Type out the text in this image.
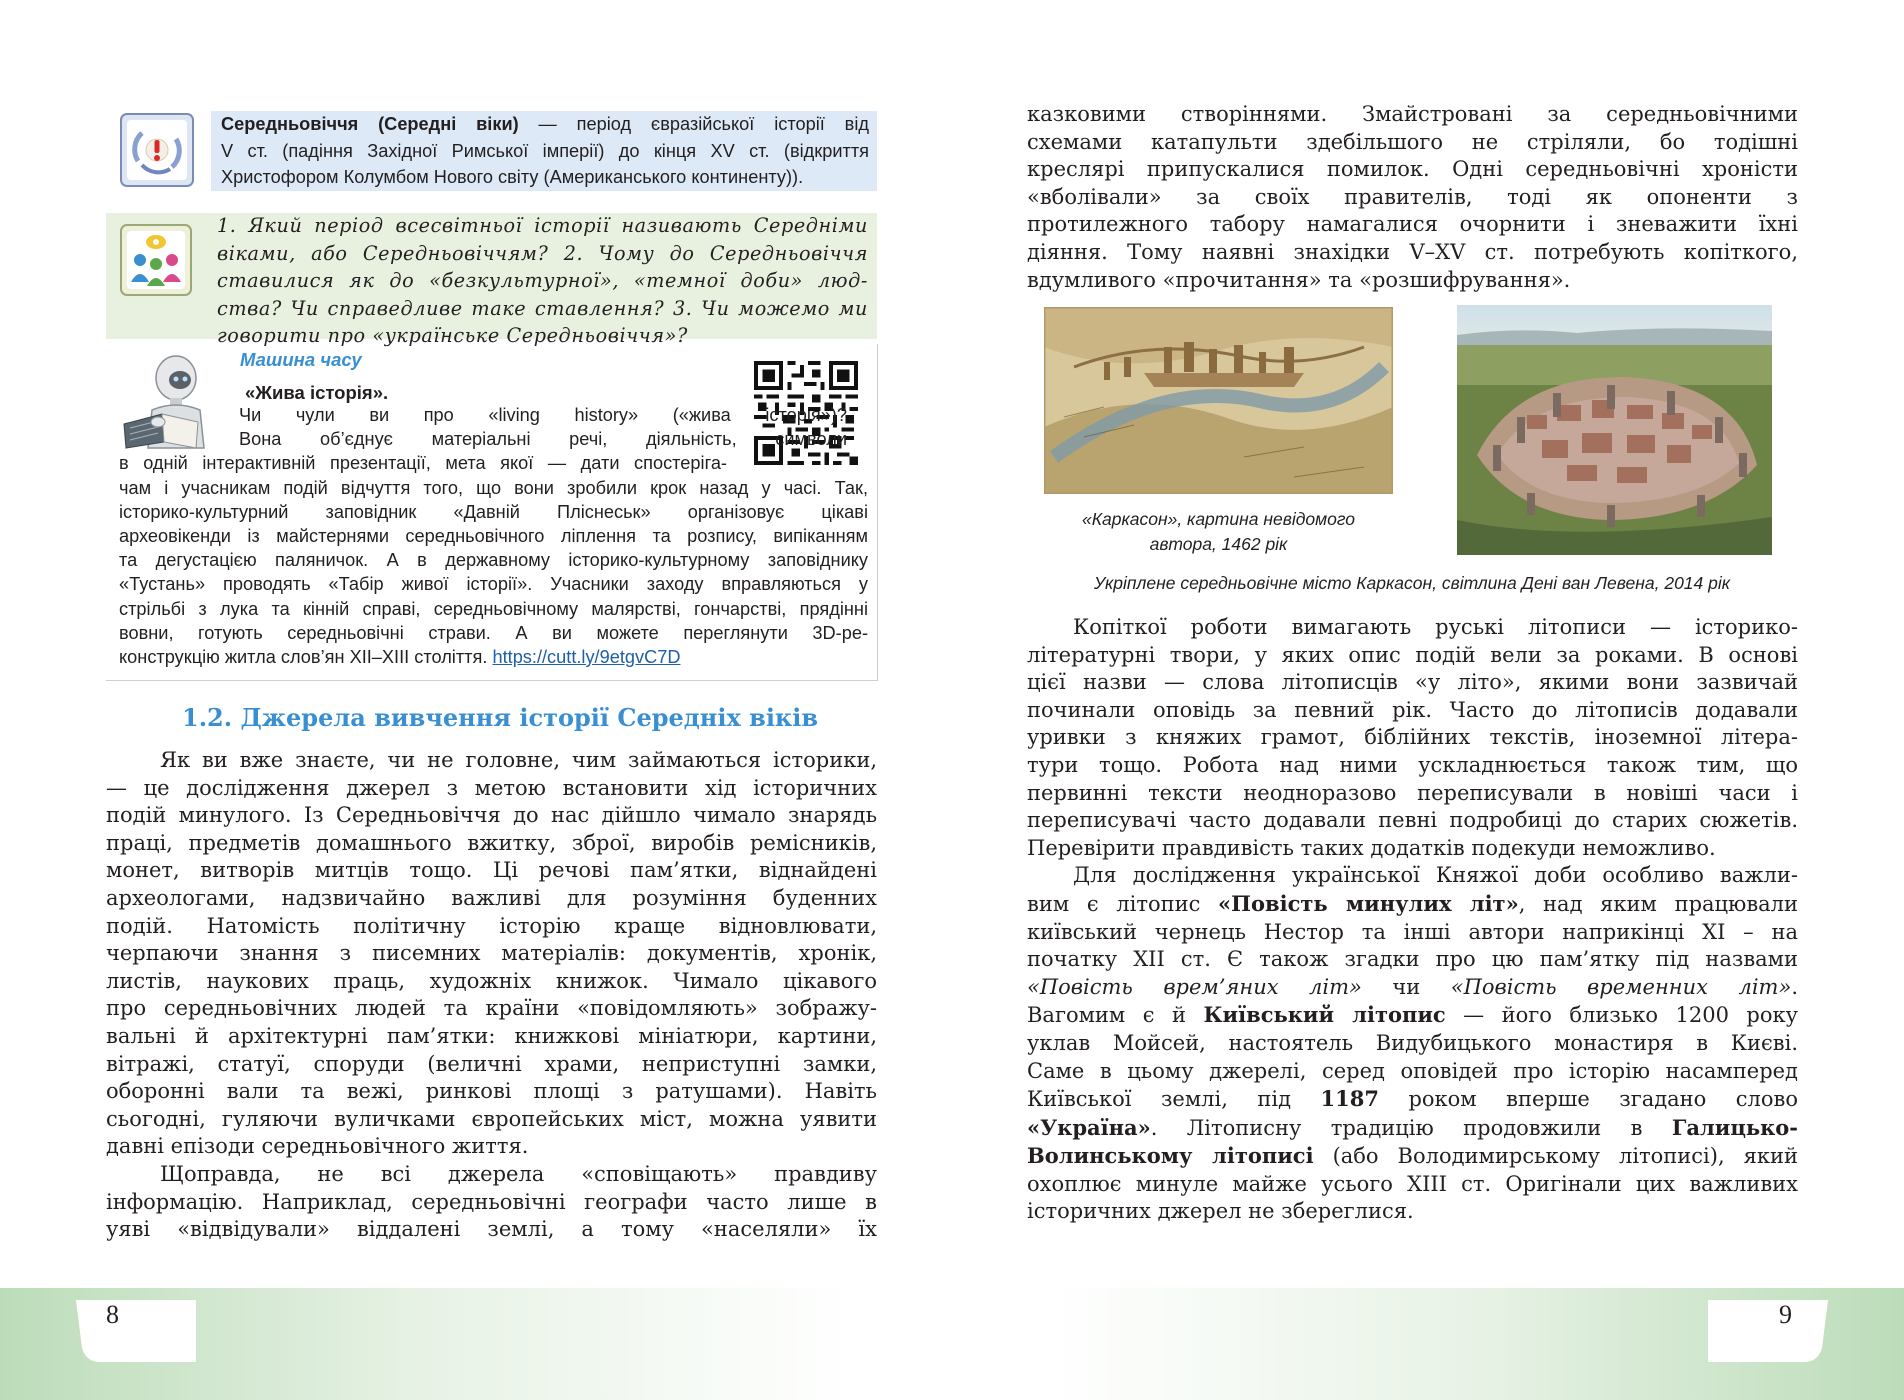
Середньовіччя (Середні віки) — період євразійської історії від
V ст. (падіння Західної Римської імперії) до кінця XV ст. (відкриття
Христофором Колумбом Нового світу (Американського континенту)).
1. Який період всесвітньої історії називають Середніми
віками, або Середньовіччям? 2. Чому до Середньовіччя
ставилися як до «безкультурної», «темної доби» люд-
ства? Чи справедливе таке ставлення? 3. Чи можемо ми
говорити про «українське Середньовіччя»?
Машина часу
«Жива історія».
Чи чули ви про «living history» («жива історія»)?
Вона об’єднує матеріальні речі, діяльність, символи
в одній інтерактивній презентації, мета якої — дати спостеріга-
чам і учасникам подій відчуття того, що вони зробили крок назад у часі. Так,
історико-культурний заповідник «Давній Пліснеськ» організовує цікаві
археовікенди із майстернями середньовічного ліплення та розпису, випіканням
та дегустацією паляничок. А в державному історико-культурному заповіднику
«Тустань» проводять «Табір живої історії». Учасники заходу вправляються у
стрільбі з лука та кінній справі, середньовічному малярстві, гончарстві, прядінні
вовни, готують середньовічні страви. А ви можете переглянути 3D-ре-
конструкцію житла слов’ян XII–XIII століття. https://cutt.ly/9etgvC7D
1.2. Джерела вивчення історії Середніх віків
Як ви вже знаєте, чи не головне, чим займаються історики,
— це дослідження джерел з метою встановити хід історичних
подій минулого. Із Середньовіччя до нас дійшло чимало знарядь
праці, предметів домашнього вжитку, зброї, виробів ремісників,
монет, витворів митців тощо. Ці речові пам’ятки, віднайдені
археологами, надзвичайно важливі для розуміння буденних
подій. Натомість політичну історію краще відновлювати,
черпаючи знання з писемних матеріалів: документів, хронік,
листів, наукових праць, художніх книжок. Чимало цікавого
про середньовічних людей та країни «повідомляють» зображу-
вальні й архітектурні пам’ятки: книжкові мініатюри, картини,
вітражі, статуї, споруди (величні храми, неприступні замки,
оборонні вали та вежі, ринкові площі з ратушами). Навіть
сьогодні, гуляючи вуличками європейських міст, можна уявити
давні епізоди середньовічного життя.
Щоправда, не всі джерела «сповіщають» правдиву
інформацію. Наприклад, середньовічні географи часто лише в
уяві «відвідували» віддалені землі, а тому «населяли» їх
казковими створіннями. Змайстровані за середньовічними
схемами катапульти здебільшого не стріляли, бо тодішні
креслярі припускалися помилок. Одні середньовічні хроністи
«вболівали» за своїх правителів, тоді як опоненти з
протилежного табору намагалися очорнити і зневажити їхні
діяння. Тому наявні знахідки V–XV ст. потребують копіткого,
вдумливого «прочитання» та «розшифрування».
«Каркасон», картина невідомого
автора, 1462 рік
Укріплене середньовічне місто Каркасон, світлина Дені ван Левена, 2014 рік
Копіткої роботи вимагають руські літописи — історико-
літературні твори, у яких опис подій вели за роками. В основі
цієї назви — слова літописців «у літо», якими вони зазвичай
починали оповідь за певний рік. Часто до літописів додавали
уривки з княжих грамот, біблійних текстів, іноземної літера-
тури тощо. Робота над ними ускладнюється також тим, що
первинні тексти неодноразово переписували в новіші часи і
переписувачі часто додавали певні подробиці до старих сюжетів.
Перевірити правдивість таких додатків подекуди неможливо.
Для дослідження української Княжої доби особливо важли-
вим є літопис «Повість минулих літ», над яким працювали
київський чернець Нестор та інші автори наприкінці XI – на
початку XII ст. Є також згадки про цю пам’ятку під назвами
«Повість врем’яних літ» чи «Повість временних літ».
Вагомим є й Київський літопис — його близько 1200 року
уклав Мойсей, настоятель Видубицького монастиря в Києві.
Саме в цьому джерелі, серед оповідей про історію насамперед
Київської землі, під 1187 роком вперше згадано слово
«Україна». Літописну традицію продовжили в Галицько-
Волинському літописі (або Володимирському літописі), який
охоплює минуле майже усього XIII ст. Оригінали цих важливих
історичних джерел не збереглися.
8	9
